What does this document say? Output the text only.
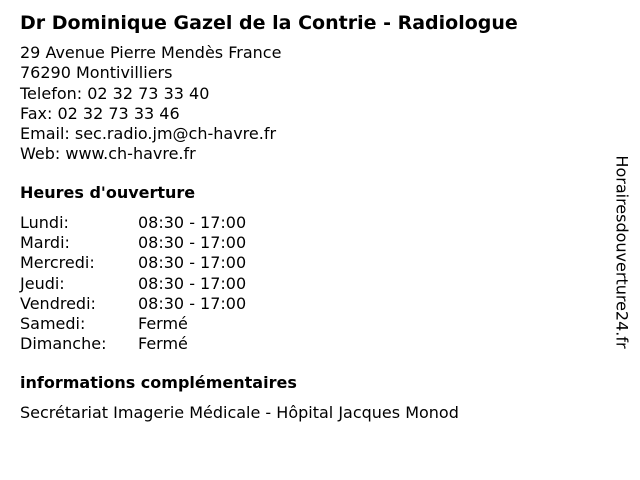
Dr Dominique Gazel de la Contrie - Radiologue
29 Avenue Pierre Mendès France
76290 Montivilliers
Telefon: 02 32 73 33 40
Fax: 02 32 73 33 46
Email: sec.radio.jm@ch-havre.fr
Web: www.ch-havre.fr
Heures d'ouverture
Lundi:	08:30 - 17:00
Mardi:	08:30 - 17:00
Mercredi:	08:30 - 17:00
Jeudi:	08:30 - 17:00
Vendredi:	08:30 - 17:00
Samedi:	Fermé
Dimanche: Fermé
informations complémentaires
Secrétariat Imagerie Médicale - Hôpital Jacques Monod
Horairesdouverture24.fr
